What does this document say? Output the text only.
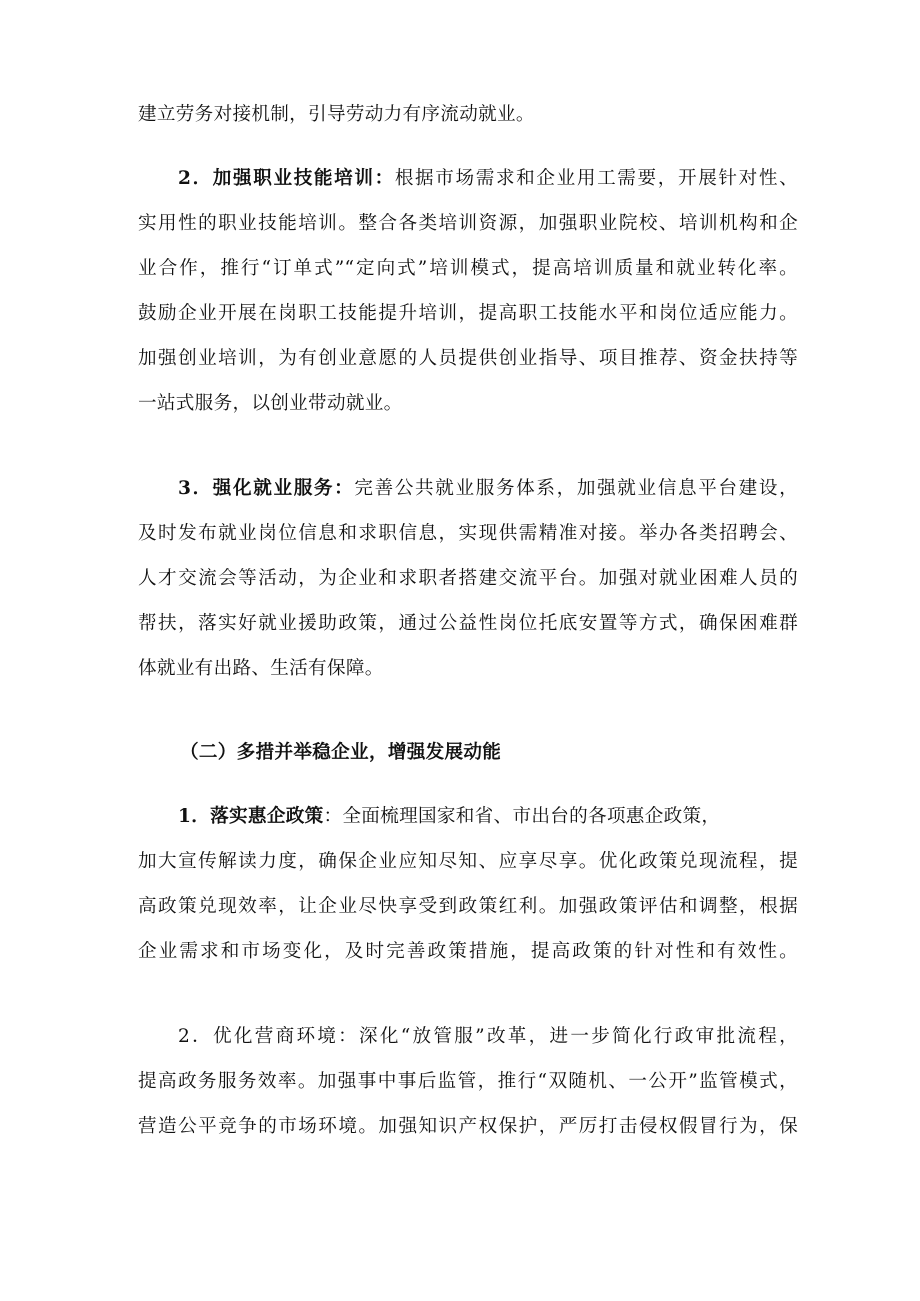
建立劳务对接机制，引导劳动力有序流动就业。
2．加强职业技能培训：根据市场需求和企业用工需要，开展针对性、
实用性的职业技能培训。整合各类培训资源，加强职业院校、培训机构和企
业合作，推行“订单式”“定向式”培训模式，提高培训质量和就业转化率。
鼓励企业开展在岗职工技能提升培训，提高职工技能水平和岗位适应能力。
加强创业培训，为有创业意愿的人员提供创业指导、项目推荐、资金扶持等
一站式服务，以创业带动就业。
3．强化就业服务：完善公共就业服务体系，加强就业信息平台建设，
及时发布就业岗位信息和求职信息，实现供需精准对接。举办各类招聘会、
人才交流会等活动，为企业和求职者搭建交流平台。加强对就业困难人员的
帮扶，落实好就业援助政策，通过公益性岗位托底安置等方式，确保困难群
体就业有出路、生活有保障。
（二）多措并举稳企业，增强发展动能
1．落实惠企政策：全面梳理国家和省、市出台的各项惠企政策，
加大宣传解读力度，确保企业应知尽知、应享尽享。优化政策兑现流程，提
高政策兑现效率，让企业尽快享受到政策红利。加强政策评估和调整，根据
企业需求和市场变化，及时完善政策措施，提高政策的针对性和有效性。
2．优化营商环境：深化“放管服”改革，进一步简化行政审批流程，
提高政务服务效率。加强事中事后监管，推行“双随机、一公开”监管模式，
营造公平竞争的市场环境。加强知识产权保护，严厉打击侵权假冒行为，保
